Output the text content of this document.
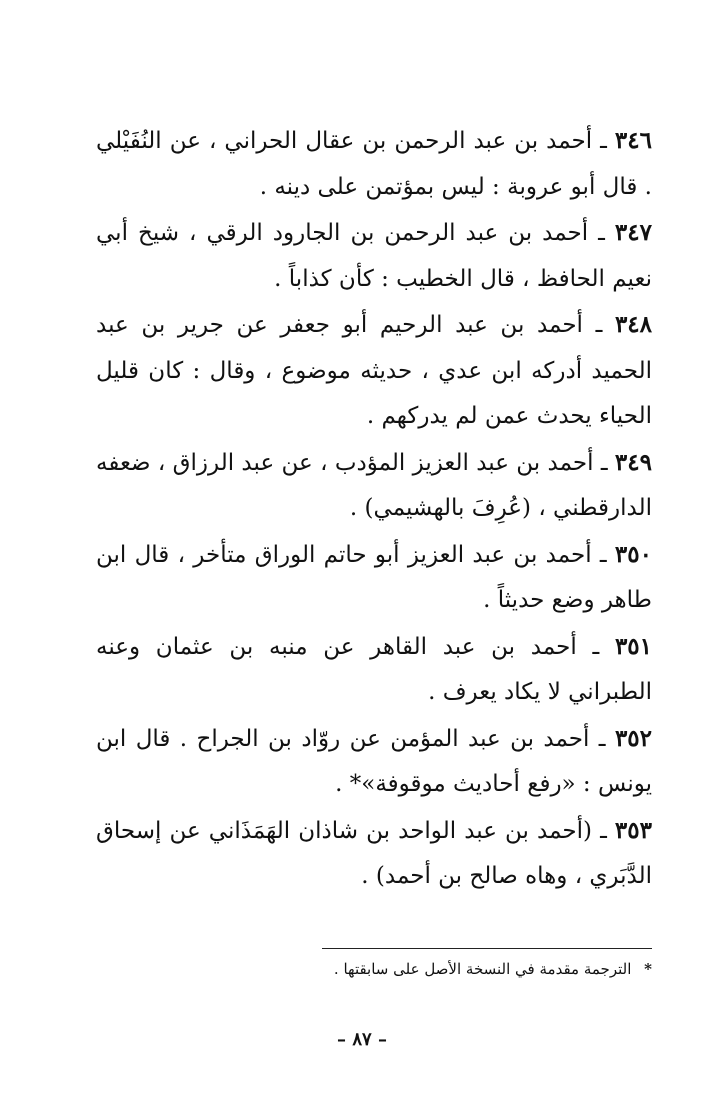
٣٤٦ ـ أحمد بن عبد الرحمن بن عقال الحراني ، عن النُفَيْلي . قال أبو عروبة : ليس بمؤتمن على دينه .

٣٤٧ ـ أحمد بن عبد الرحمن بن الجارود الرقي ، شيخ أبي نعيم الحافظ ، قال الخطيب : كأن كذاباً .

٣٤٨ ـ أحمد بن عبد الرحيم أبو جعفر عن جرير بن عبد الحميد أدركه ابن عدي ، حديثه موضوع ، وقال : كان قليل الحياء يحدث عمن لم يدركهم .

٣٤٩ ـ أحمد بن عبد العزيز المؤدب ، عن عبد الرزاق ، ضعفه الدارقطني ، (عُرِفَ بالهشيمي) .

٣٥٠ ـ أحمد بن عبد العزيز أبو حاتم الوراق متأخر ، قال ابن طاهر وضع حديثاً .

٣٥١ ـ أحمد بن عبد القاهر عن منبه بن عثمان وعنه الطبراني لا يكاد يعرف .

٣٥٢ ـ أحمد بن عبد المؤمن عن روّاد بن الجراح . قال ابن يونس : «رفع أحاديث موقوفة»* .

٣٥٣ ـ (أحمد بن عبد الواحد بن شاذان الهَمَذَاني عن إسحاق الدَّبَري ، وهاه صالح بن أحمد) .

* الترجمة مقدمة في النسخة الأصل على سابقتها .
– ٨٧ –
